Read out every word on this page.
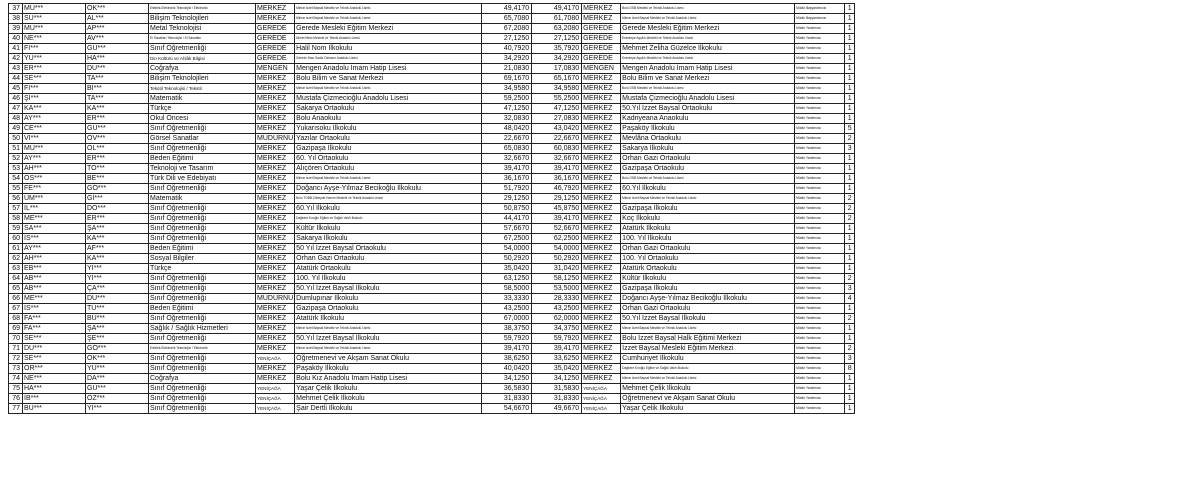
37	MU***	OK***	Elektrik-Elektronik Teknolojisi / Elektronik	MERKEZ	Mimar İzzet Baysal Mesleki ve Teknik Anadolu Lisesi	49,4170	49,4170	MERKEZ	Bolu OSB Mesleki ve Teknik Anadolu Lisesi	Müdür Başyardımcısı	1
38	SU***	AL***	Bilişim Teknolojileri	MERKEZ	Mimar İzzet Baysal Mesleki ve Teknik Anadolu Lisesi	65,7080	61,7080	MERKEZ	Mimar İzzet Baysal Mesleki ve Teknik Anadolu Lisesi	Müdür Başyardımcısı	1
39	MU***	AP***	Metal Teknolojisi	GEREDE	Gerede Mesleki Eğitim Merkezi	67,2080	63,2080	GEREDE	Gerede Mesleki Eğitim Merkezi	Müdür Yardımcısı	1
40	NE***	AV***	El Sanatları Teknolojisi / El Sanatları	GEREDE	Nimet Meto Mesleki ve Teknik Anadolu Lisesi	27,1250	27,1250	GEREDE	Esentepe Aşçılık Mesleki ve Teknik Anadolu Lisesi	Müdür Yardımcısı	1
41	FI***	GÜ***	Sınıf Öğretmenliği	GEREDE	Halil Nom İlkokulu	40,7920	35,7920	GEREDE	Mehmet Zeliha Güzelce İlkokulu	Müdür Yardımcısı	1
42	YÜ***	HA***	Din Kültürü ve Ahlâk Bilgisi	GEREDE	Gerede Hacı Sadık Öztosun Anadolu Lisesi	34,2920	34,2920	GEREDE	Esentepe Aşçılık Mesleki ve Teknik Anadolu Lisesi	Müdür Yardımcısı	1
43	ER***	DU***	Coğrafya	MENGEN	Mengen Anadolu İmam Hatip Lisesi	21,0830	17,0830	MENGEN	Mengen Anadolu İmam Hatip Lisesi	Müdür Yardımcısı	1
44	SE***	TA***	Bilişim Teknolojileri	MERKEZ	Bolu Bilim ve Sanat Merkezi	69,1670	65,1670	MERKEZ	Bolu Bilim ve Sanat Merkezi	Müdür Yardımcısı	1
45	FI***	Bİ***	Tekstil Teknolojisi / Tekstil	MERKEZ	Mimar İzzet Baysal Mesleki ve Teknik Anadolu Lisesi	34,9580	34,9580	MERKEZ	Bolu OSB Mesleki ve Teknik Anadolu Lisesi	Müdür Yardımcısı	1
46	Şİ***	TA***	Matematik	MERKEZ	Mustafa Çizmecioğlu Anadolu Lisesi	59,2500	55,2500	MERKEZ	Mustafa Çizmecioğlu Anadolu Lisesi	Müdür Yardımcısı	1
47	KA***	KA***	Türkçe	MERKEZ	Sakarya Ortaokulu	47,1250	47,1250	MERKEZ	50.Yıl İzzet Baysal Ortaokulu	Müdür Yardımcısı	1
48	AY***	ER***	Okul Öncesi	MERKEZ	Bolu Anaokulu	32,0830	27,0830	MERKEZ	Kadriyeana Anaokulu	Müdür Yardımcısı	1
49	CE***	GÜ***	Sınıf Öğretmenliği	MERKEZ	Yukarısoku İlkokulu	48,0420	43,0420	MERKEZ	Paşaköy İlkokulu	Müdür Yardımcısı	5
50	Vİ***	ÖV***	Görsel Sanatlar	MUDURNU	Yazılar Ortaokulu	22,6670	22,6670	MERKEZ	Mevlâna Ortaokulu	Müdür Yardımcısı	2
51	MU***	OL***	Sınıf Öğretmenliği	MERKEZ	Gazipaşa İlkokulu	65,0830	60,0830	MERKEZ	Sakarya İlkokulu	Müdür Yardımcısı	3
52	AY***	ER***	Beden Eğitimi	MERKEZ	60. Yıl Ortaokulu	32,6670	32,6670	MERKEZ	Orhan Gazi Ortaokulu	Müdür Yardımcısı	1
53	AH***	TO***	Teknoloji ve Tasarım	MERKEZ	Alıçören Ortaokulu	39,4170	39,4170	MERKEZ	Gazipaşa Ortaokulu	Müdür Yardımcısı	1
54	OS***	BE***	Türk Dili ve Edebiyatı	MERKEZ	Mimar İzzet Baysal Mesleki ve Teknik Anadolu Lisesi	36,1670	36,1670	MERKEZ	Bolu OSB Mesleki ve Teknik Anadolu Lisesi	Müdür Yardımcısı	1
55	FE***	GÖ***	Sınıf Öğretmenliği	MERKEZ	Doğancı Ayşe-Yılmaz Becikoğlu İlkokulu	51,7920	46,7920	MERKEZ	60.Yıl İlkokulu	Müdür Yardımcısı	1
56	ÜM***	Gİ***	Matematik	MERKEZ	Bolu TOBB Zübeyde Hanım Mesleki ve Teknik Anadolu Lisesi	29,1250	29,1250	MERKEZ	Mimar İzzet Baysal Mesleki ve Teknik Anadolu Lisesi	Müdür Yardımcısı	2
57	İL***	DO***	Sınıf Öğretmenliği	MERKEZ	60.Yıl İlkokulu	50,8750	45,8750	MERKEZ	Gazipaşa İlkokulu	Müdür Yardımcısı	2
58	ME***	ER***	Sınıf Öğretmenliği	MERKEZ	Dağkent Kıroğlu Eğitim ve Sağlık Vakfı İlkokulu	44,4170	39,4170	MERKEZ	Koç İlkokulu	Müdür Yardımcısı	2
59	SA***	ŞA***	Sınıf Öğretmenliği	MERKEZ	Kültür İlkokulu	57,6670	52,6670	MERKEZ	Atatürk İlkokulu	Müdür Yardımcısı	1
60	İS***	KA***	Sınıf Öğretmenliği	MERKEZ	Sakarya İlkokulu	67,2500	62,2500	MERKEZ	100. Yıl İlkokulu	Müdür Yardımcısı	1
61	AY***	AF***	Beden Eğitimi	MERKEZ	50 Yıl İzzet Baysal Ortaokulu	54,0000	54,0000	MERKEZ	Orhan Gazi Ortaokulu	Müdür Yardımcısı	1
62	AH***	KA***	Sosyal Bilgiler	MERKEZ	Orhan Gazi Ortaokulu	50,2920	50,2920	MERKEZ	100. Yıl Ortaokulu	Müdür Yardımcısı	1
63	EB***	Yİ***	Türkçe	MERKEZ	Atatürk Ortaokulu	35,0420	31,0420	MERKEZ	Atatürk Ortaokulu	Müdür Yardımcısı	1
64	AB***	Yİ***	Sınıf Öğretmenliği	MERKEZ	100. Yıl İlkokulu	63,1250	58,1250	MERKEZ	Kültür İlkokulu	Müdür Yardımcısı	2
65	AB***	ÇA***	Sınıf Öğretmenliği	MERKEZ	50.Yıl İzzet Baysal İlkokulu	58,5000	53,5000	MERKEZ	Gazipaşa İlkokulu	Müdür Yardımcısı	3
66	ME***	DU***	Sınıf Öğretmenliği	MUDURNU	Dumlupınar İlkokulu	33,3330	28,3330	MERKEZ	Doğancı Ayşe-Yılmaz Becikoğlu İlkokulu	Müdür Yardımcısı	4
67	İS***	TÜ***	Beden Eğitimi	MERKEZ	Gazipaşa Ortaokulu	43,2500	43,2500	MERKEZ	Orhan Gazi Ortaokulu	Müdür Yardımcısı	1
68	FA***	BÜ***	Sınıf Öğretmenliği	MERKEZ	Atatürk İlkokulu	67,0000	62,0000	MERKEZ	50.Yıl İzzet Baysal İlkokulu	Müdür Yardımcısı	2
69	FA***	ŞA***	Sağlık / Sağlık Hizmetleri	MERKEZ	Mimar İzzet Baysal Mesleki ve Teknik Anadolu Lisesi	38,3750	34,3750	MERKEZ	Mimar İzzet Baysal Mesleki ve Teknik Anadolu Lisesi	Müdür Yardımcısı	1
70	SE***	ŞE***	Sınıf Öğretmenliği	MERKEZ	50.Yıl İzzet Baysal İlkokulu	59,7920	59,7920	MERKEZ	Bolu İzzet Baysal Halk Eğitimi Merkezi	Müdür Yardımcısı	1
71	DU***	GÖ***	Elektrik-Elektronik Teknolojisi / Elektronik	MERKEZ	Mimar İzzet Baysal Mesleki ve Teknik Anadolu Lisesi	39,4170	39,4170	MERKEZ	İzzet Baysal Mesleki Eğitim Merkezi	Müdür Yardımcısı	2
72	SE***	OK***	Sınıf Öğretmenliği	YENİÇAĞA	Öğretmenevi ve Akşam Sanat Okulu	38,6250	33,6250	MERKEZ	Cumhuriyet İlkokulu	Müdür Yardımcısı	3
73	OR***	YÜ***	Sınıf Öğretmenliği	MERKEZ	Paşaköy İlkokulu	40,0420	35,0420	MERKEZ	Dağkent Kıroğlu Eğitim ve Sağlık Vakfı İlkokulu	Müdür Yardımcısı	8
74	NE***	DA***	Coğrafya	MERKEZ	Bolu Kız Anadolu İmam Hatip Lisesi	34,1250	34,1250	MERKEZ	Mimar İzzet Baysal Mesleki ve Teknik Anadolu Lisesi	Müdür Yardımcısı	1
75	HA***	GÜ***	Sınıf Öğretmenliği	YENİÇAĞA	Yaşar Çelik İlkokulu	36,5830	31,5830	YENİÇAĞA	Mehmet Çelik İlkokulu	Müdür Yardımcısı	1
76	İB***	ÖZ***	Sınıf Öğretmenliği	YENİÇAĞA	Mehmet Çelik İlkokulu	31,8330	31,8330	YENİÇAĞA	Öğretmenevi ve Akşam Sanat Okulu	Müdür Yardımcısı	1
77	BU***	Yİ***	Sınıf Öğretmenliği	YENİÇAĞA	Şair Dertli İlkokulu	54,6670	49,6670	YENİÇAĞA	Yaşar Çelik İlkokulu	Müdür Yardımcısı	1
